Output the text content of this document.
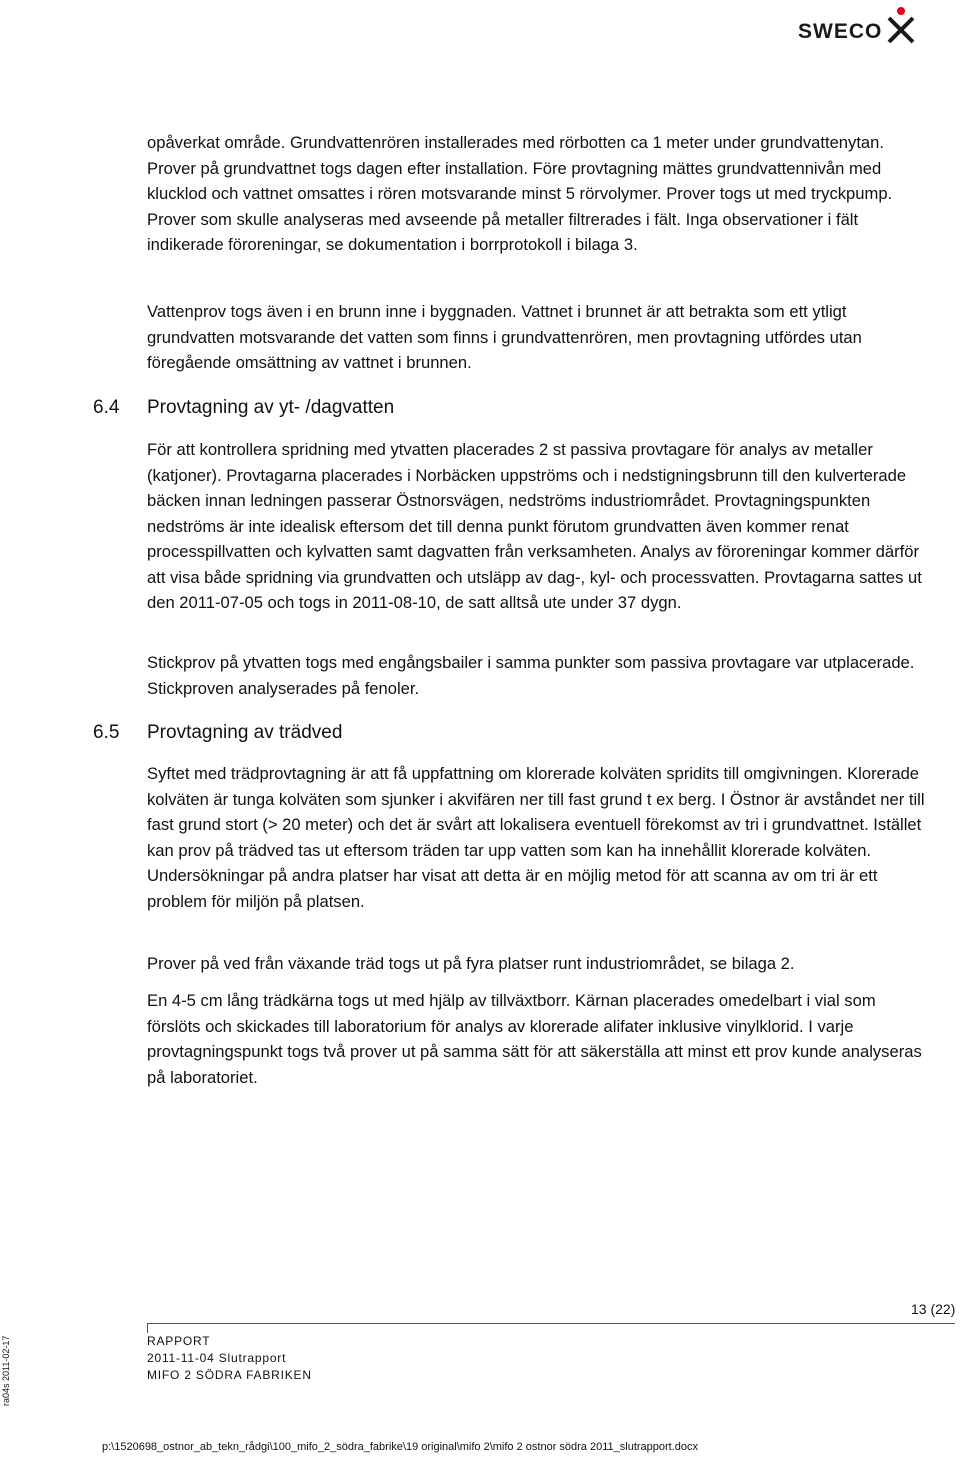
SWECO

opåverkat område. Grundvattenrören installerades med rörbotten ca 1 meter under grundvattenytan. Prover på grundvattnet togs dagen efter installation. Före provtagning mättes grundvattennivån med klucklod och vattnet omsattes i rören motsvarande minst 5 rörvolymer. Prover togs ut med tryckpump. Prover som skulle analyseras med avseende på metaller filtrerades i fält. Inga observationer i fält indikerade föroreningar, se dokumentation i borrprotokoll i bilaga 3.

Vattenprov togs även i en brunn inne i byggnaden. Vattnet i brunnet är att betrakta som ett ytligt grundvatten motsvarande det vatten som finns i grundvattenrören, men provtagning utfördes utan föregående omsättning av vattnet i brunnen.

6.4 Provtagning av yt- /dagvatten

För att kontrollera spridning med ytvatten placerades 2 st passiva provtagare för analys av metaller (katjoner). Provtagarna placerades i Norbäcken uppströms och i nedstigningsbrunn till den kulverterade bäcken innan ledningen passerar Östnorsvägen, nedströms industriområdet. Provtagningspunkten nedströms är inte idealisk eftersom det till denna punkt förutom grundvatten även kommer renat processpillvatten och kylvatten samt dagvatten från verksamheten. Analys av föroreningar kommer därför att visa både spridning via grundvatten och utsläpp av dag-, kyl- och processvatten. Provtagarna sattes ut den 2011-07-05 och togs in 2011-08-10, de satt alltså ute under 37 dygn.

Stickprov på ytvatten togs med engångsbailer i samma punkter som passiva provtagare var utplacerade. Stickproven analyserades på fenoler.

6.5 Provtagning av trädved

Syftet med trädprovtagning är att få uppfattning om klorerade kolväten spridits till omgivningen. Klorerade kolväten är tunga kolväten som sjunker i akvifären ner till fast grund t ex berg. I Östnor är avståndet ner till fast grund stort (> 20 meter) och det är svårt att lokalisera eventuell förekomst av tri i grundvattnet. Istället kan prov på trädved tas ut eftersom träden tar upp vatten som kan ha innehållit klorerade kolväten. Undersökningar på andra platser har visat att detta är en möjlig metod för att scanna av om tri är ett problem för miljön på platsen.

Prover på ved från växande träd togs ut på fyra platser runt industriområdet, se bilaga 2.

En 4-5 cm lång trädkärna togs ut med hjälp av tillväxtborr. Kärnan placerades omedelbart i vial som förslöts och skickades till laboratorium för analys av klorerade alifater inklusive vinylklorid. I varje provtagningspunkt togs två prover ut på samma sätt för att säkerställa att minst ett prov kunde analyseras på laboratoriet.

13 (22)
RAPPORT
2011-11-04 Slutrapport
MIFO 2 SÖDRA FABRIKEN
ra04s 2011-02-17
p:\1520698_ostnor_ab_tekn_rådgi\100_mifo_2_södra_fabrike\19 original\mifo 2\mifo 2 ostnor södra 2011_slutrapport.docx
